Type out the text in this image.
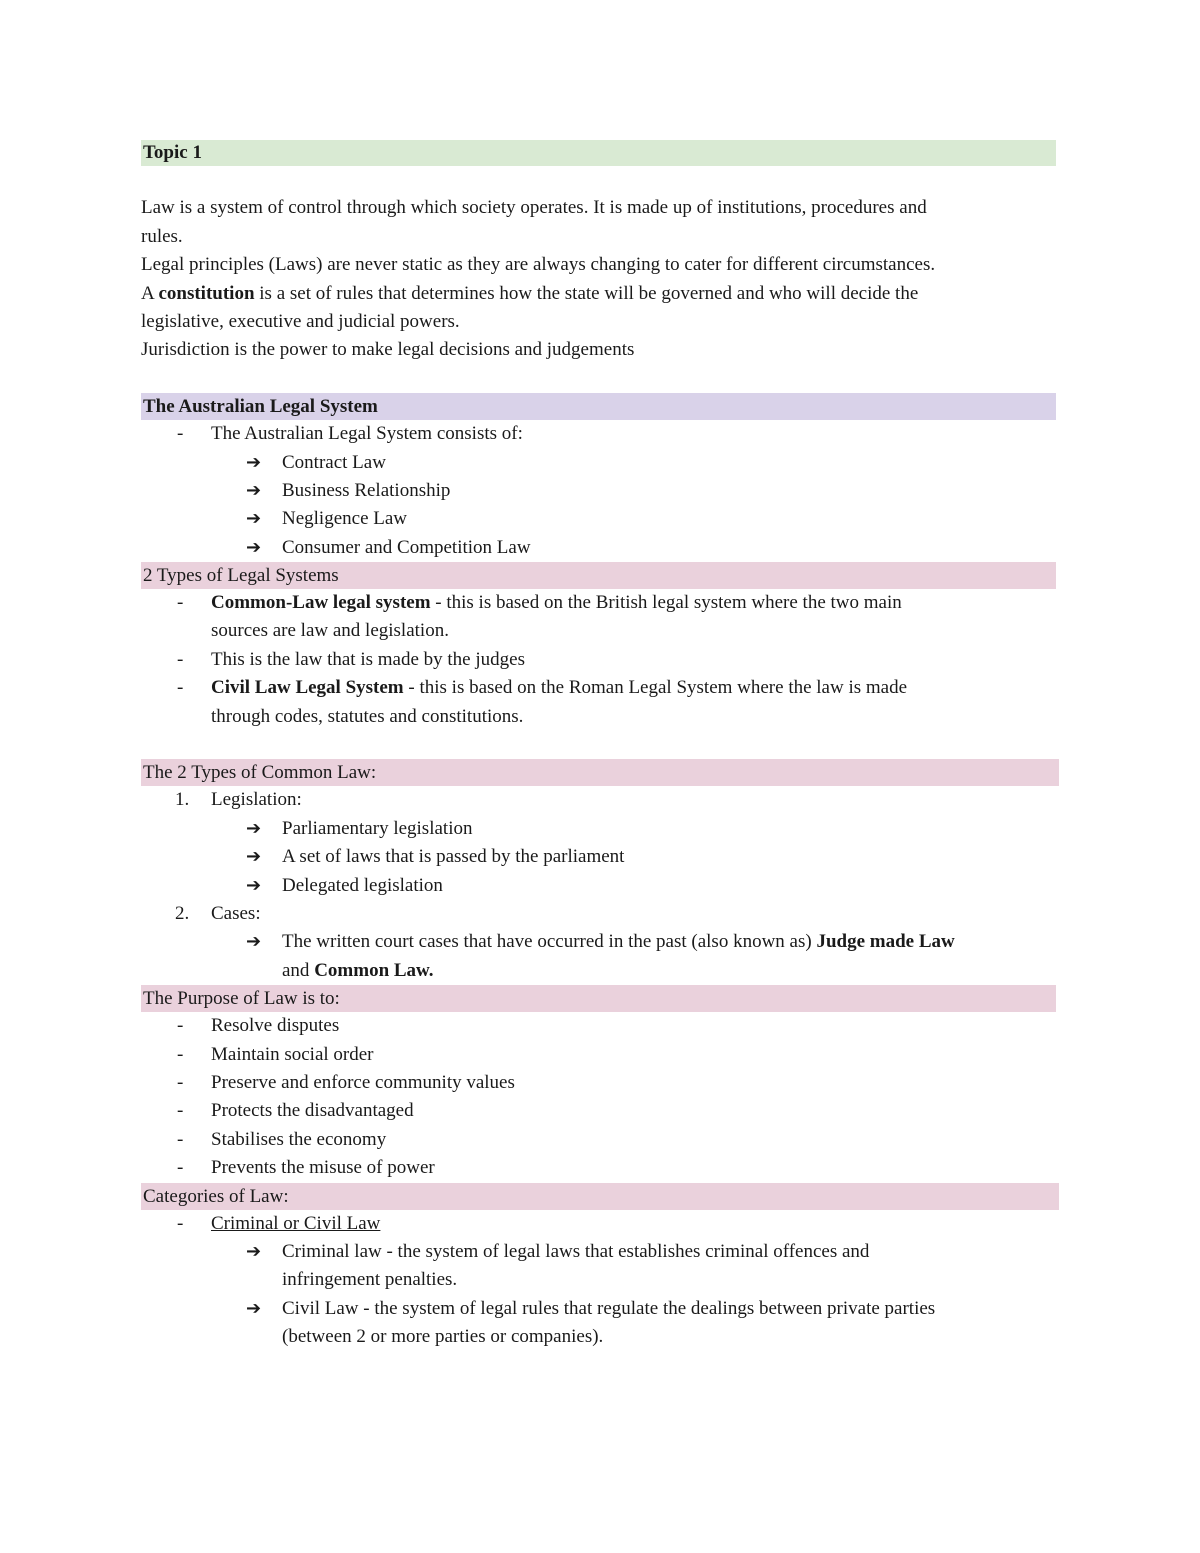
Topic 1
Law is a system of control through which society operates. It is made up of institutions, procedures and
rules.
Legal principles (Laws) are never static as they are always changing to cater for different circumstances.
A constitution is a set of rules that determines how the state will be governed and who will decide the
legislative, executive and judicial powers.
Jurisdiction is the power to make legal decisions and judgements
The Australian Legal System
- The Australian Legal System consists of:
➔ Contract Law
➔ Business Relationship
➔ Negligence Law
➔ Consumer and Competition Law
2 Types of Legal Systems
- Common-Law legal system - this is based on the British legal system where the two main
sources are law and legislation.
- This is the law that is made by the judges
- Civil Law Legal System - this is based on the Roman Legal System where the law is made
through codes, statutes and constitutions.
The 2 Types of Common Law:
1. Legislation:
➔ Parliamentary legislation
➔ A set of laws that is passed by the parliament
➔ Delegated legislation
2. Cases:
➔ The written court cases that have occurred in the past (also known as) Judge made Law
and Common Law.
The Purpose of Law is to:
- Resolve disputes
- Maintain social order
- Preserve and enforce community values
- Protects the disadvantaged
- Stabilises the economy
- Prevents the misuse of power
Categories of Law:
- Criminal or Civil Law
➔ Criminal law - the system of legal laws that establishes criminal offences and
infringement penalties.
➔ Civil Law - the system of legal rules that regulate the dealings between private parties
(between 2 or more parties or companies).
